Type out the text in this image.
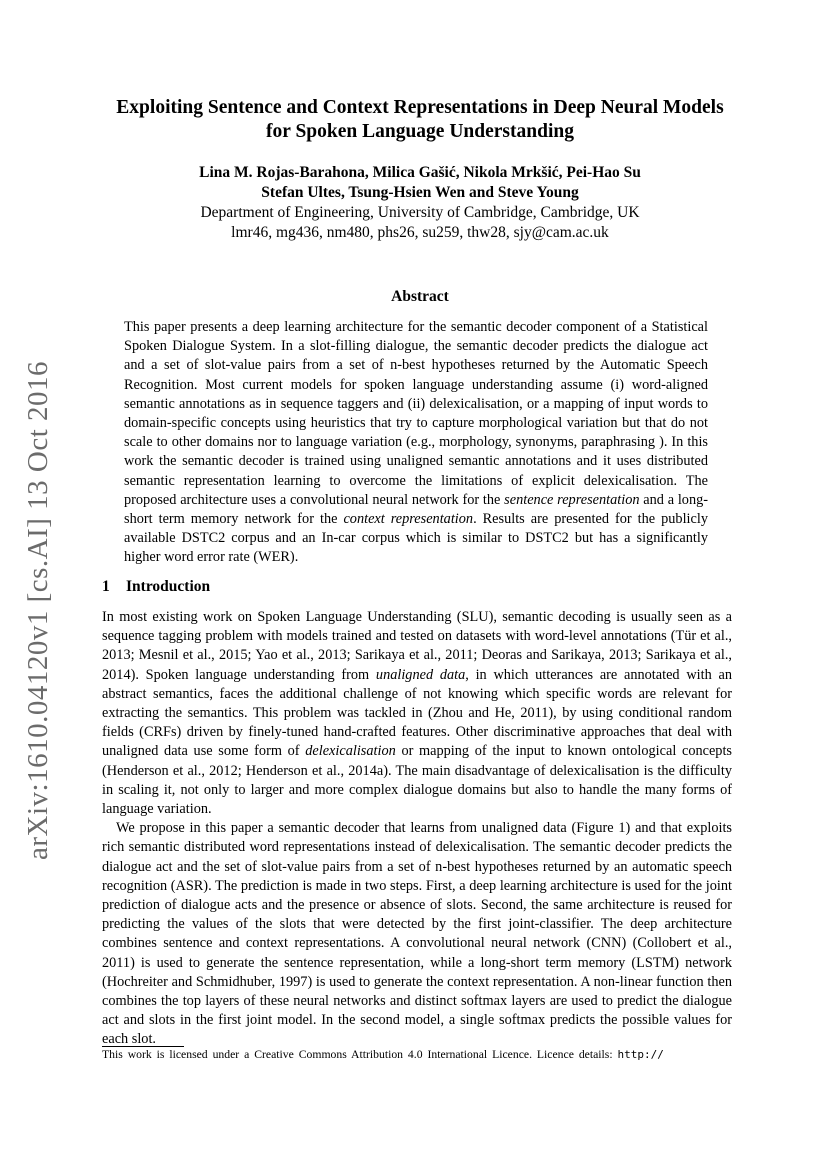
arXiv:1610.04120v1 [cs.AI] 13 Oct 2016
Exploiting Sentence and Context Representations in Deep Neural Models
for Spoken Language Understanding
Lina M. Rojas-Barahona, Milica Gašić, Nikola Mrkšić, Pei-Hao Su
Stefan Ultes, Tsung-Hsien Wen and Steve Young
Department of Engineering, University of Cambridge, Cambridge, UK
lmr46, mg436, nm480, phs26, su259, thw28, sjy@cam.ac.uk
Abstract
This paper presents a deep learning architecture for the semantic decoder component of a Statistical Spoken Dialogue System. In a slot-filling dialogue, the semantic decoder predicts the dialogue act and a set of slot-value pairs from a set of n-best hypotheses returned by the Automatic Speech Recognition. Most current models for spoken language understanding assume (i) word-aligned semantic annotations as in sequence taggers and (ii) delexicalisation, or a mapping of input words to domain-specific concepts using heuristics that try to capture morphological variation but that do not scale to other domains nor to language variation (e.g., morphology, synonyms, paraphrasing ). In this work the semantic decoder is trained using unaligned semantic annotations and it uses distributed semantic representation learning to overcome the limitations of explicit delexicalisation. The proposed architecture uses a convolutional neural network for the sentence representation and a long-short term memory network for the context representation. Results are presented for the publicly available DSTC2 corpus and an In-car corpus which is similar to DSTC2 but has a significantly higher word error rate (WER).
1 Introduction

In most existing work on Spoken Language Understanding (SLU), semantic decoding is usually seen as a sequence tagging problem with models trained and tested on datasets with word-level annotations (Tür et al., 2013; Mesnil et al., 2015; Yao et al., 2013; Sarikaya et al., 2011; Deoras and Sarikaya, 2013; Sarikaya et al., 2014). Spoken language understanding from unaligned data, in which utterances are annotated with an abstract semantics, faces the additional challenge of not knowing which specific words are relevant for extracting the semantics. This problem was tackled in (Zhou and He, 2011), by using conditional random fields (CRFs) driven by finely-tuned hand-crafted features. Other discriminative approaches that deal with unaligned data use some form of delexicalisation or mapping of the input to known ontological concepts (Henderson et al., 2012; Henderson et al., 2014a). The main disadvantage of delexicalisation is the difficulty in scaling it, not only to larger and more complex dialogue domains but also to handle the many forms of language variation.

We propose in this paper a semantic decoder that learns from unaligned data (Figure 1) and that exploits rich semantic distributed word representations instead of delexicalisation. The semantic decoder predicts the dialogue act and the set of slot-value pairs from a set of n-best hypotheses returned by an automatic speech recognition (ASR). The prediction is made in two steps. First, a deep learning architecture is used for the joint prediction of dialogue acts and the presence or absence of slots. Second, the same architecture is reused for predicting the values of the slots that were detected by the first joint-classifier. The deep architecture combines sentence and context representations. A convolutional neural network (CNN) (Collobert et al., 2011) is used to generate the sentence representation, while a long-short term memory (LSTM) network (Hochreiter and Schmidhuber, 1997) is used to generate the context representation. A non-linear function then combines the top layers of these neural networks and distinct softmax layers are used to predict the dialogue act and slots in the first joint model. In the second model, a single softmax predicts the possible values for each slot.

This work is licensed under a Creative Commons Attribution 4.0 International Licence. Licence details: http://
